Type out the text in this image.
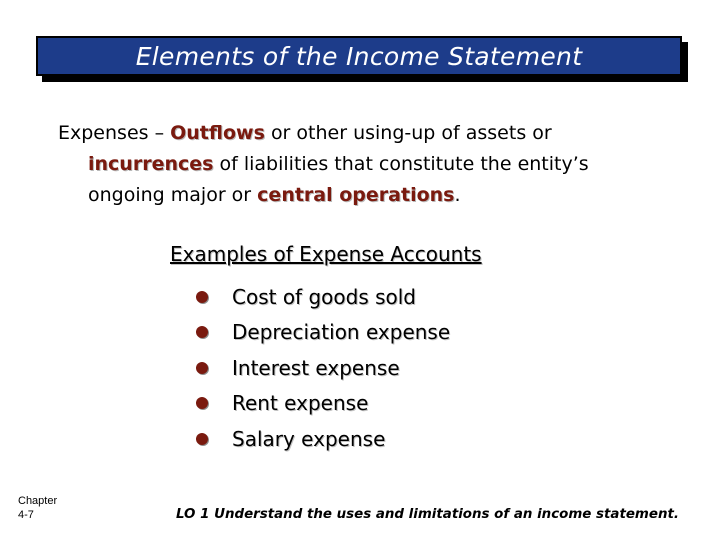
Elements of the Income Statement
Expenses – Outflows or other using-up of assets or
incurrences of liabilities that constitute the entity’s
ongoing major or central operations.
Examples of Expense Accounts
Cost of goods sold
Depreciation expense
Interest expense
Rent expense
Salary expense
Chapter
4-7	LO 1 Understand the uses and limitations of an income statement.
